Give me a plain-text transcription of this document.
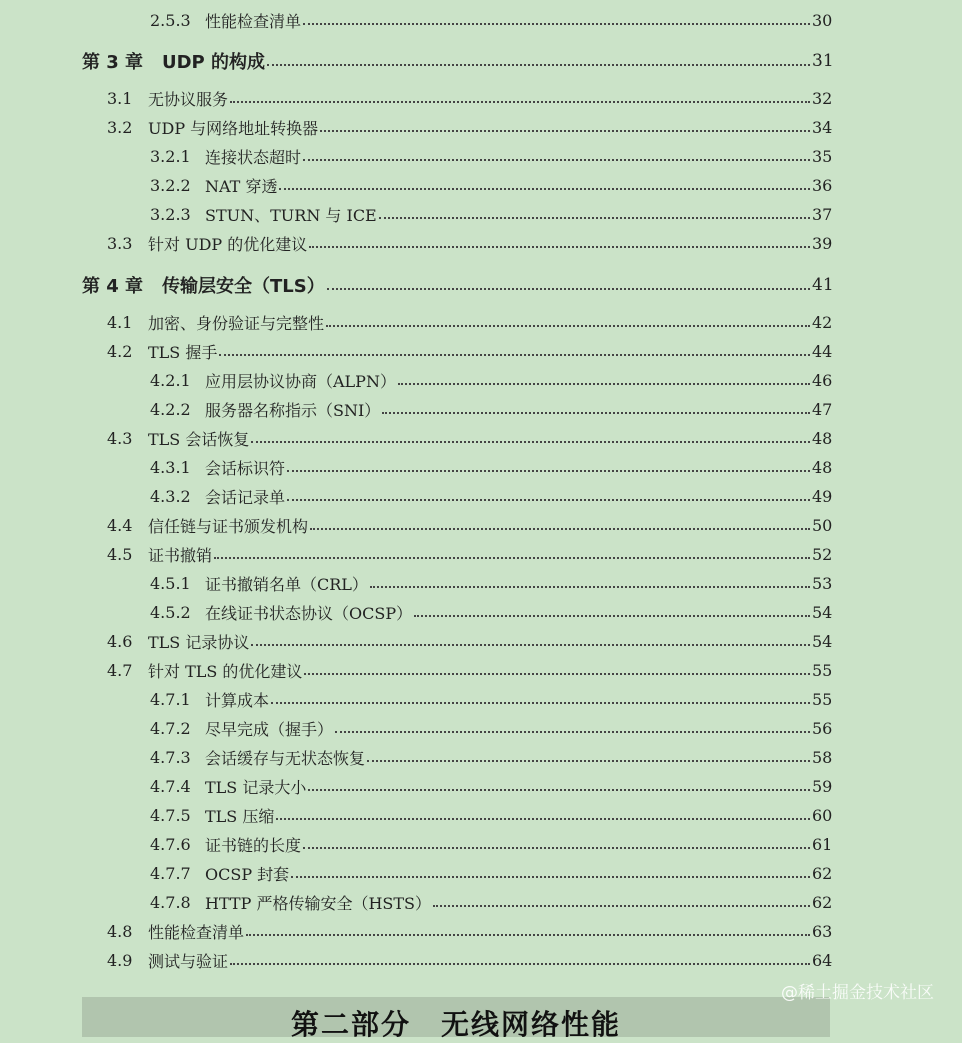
2.5.3 性能检查清单	30
第 3 章 UDP 的构成	31
3.1 无协议服务	32
3.2 UDP 与网络地址转换器	34
3.2.1 连接状态超时	35
3.2.2 NAT 穿透	36
3.2.3 STUN、TURN 与 ICE	37
3.3 针对 UDP 的优化建议	39
第 4 章 传输层安全（TLS）	41
4.1 加密、身份验证与完整性	42
4.2 TLS 握手	44
4.2.1 应用层协议协商（ALPN）	46
4.2.2 服务器名称指示（SNI）	47
4.3 TLS 会话恢复	48
4.3.1 会话标识符	48
4.3.2 会话记录单	49
4.4 信任链与证书颁发机构	50
4.5 证书撤销	52
4.5.1 证书撤销名单（CRL）	53
4.5.2 在线证书状态协议（OCSP）	54
4.6 TLS 记录协议	54
4.7 针对 TLS 的优化建议	55
4.7.1 计算成本	55
4.7.2 尽早完成（握手）	56
4.7.3 会话缓存与无状态恢复	58
4.7.4 TLS 记录大小	59
4.7.5 TLS 压缩	60
4.7.6 证书链的长度	61
4.7.7 OCSP 封套	62
4.7.8 HTTP 严格传输安全（HSTS）	62
4.8 性能检查清单	63
4.9 测试与验证	64
第二部分　无线网络性能
@稀土掘金技术社区
